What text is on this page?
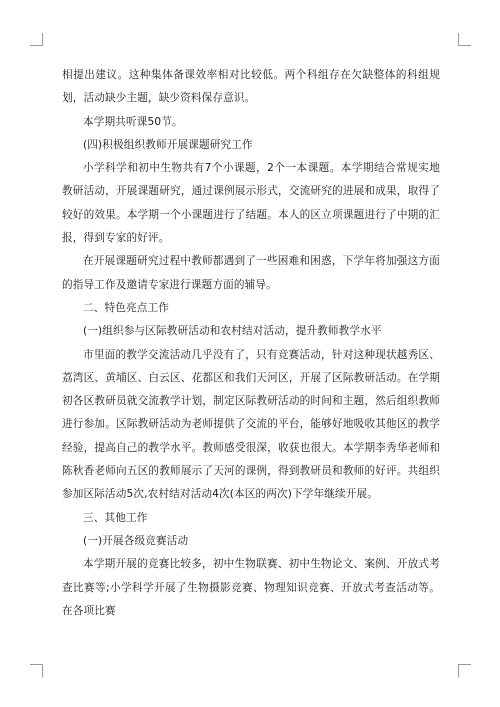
相提出建议。这种集体备课效率相对比较低。两个科组存在欠缺整体的科组规划，活动缺少主题，缺少资料保存意识。

本学期共听课50节。

(四)积极组织教师开展课题研究工作

小学科学和初中生物共有7个小课题，2个一本课题。本学期结合常规实地教研活动，开展课题研究，通过课例展示形式，交流研究的进展和成果，取得了较好的效果。本学期一个小课题进行了结题。本人的区立项课题进行了中期的汇报，得到专家的好评。

在开展课题研究过程中教师都遇到了一些困难和困惑，下学年将加强这方面的指导工作及邀请专家进行课题方面的辅导。

二、特色亮点工作

(一)组织参与区际教研活动和农村结对活动，提升教师教学水平

市里面的教学交流活动几乎没有了，只有竞赛活动，针对这种现状越秀区、荔湾区、黄埔区、白云区、花都区和我们天河区，开展了区际教研活动。在学期初各区教研员就交流教学计划，制定区际教研活动的时间和主题，然后组织教师进行参加。区际教研活动为老师提供了交流的平台，能够好地吸收其他区的教学经验，提高自己的教学水平。教师感受很深，收获也很大。本学期李秀华老师和陈秋香老师向五区的教师展示了天河的课例，得到教研员和教师的好评。共组织参加区际活动5次,农村结对活动4次(本区的两次)下学年继续开展。

三、其他工作

(一)开展各级竞赛活动

本学期开展的竞赛比较多，初中生物联赛、初中生物论文、案例、开放式考查比赛等;小学科学开展了生物摄影竞赛、物理知识竞赛、开放式考查活动等。在各项比赛
